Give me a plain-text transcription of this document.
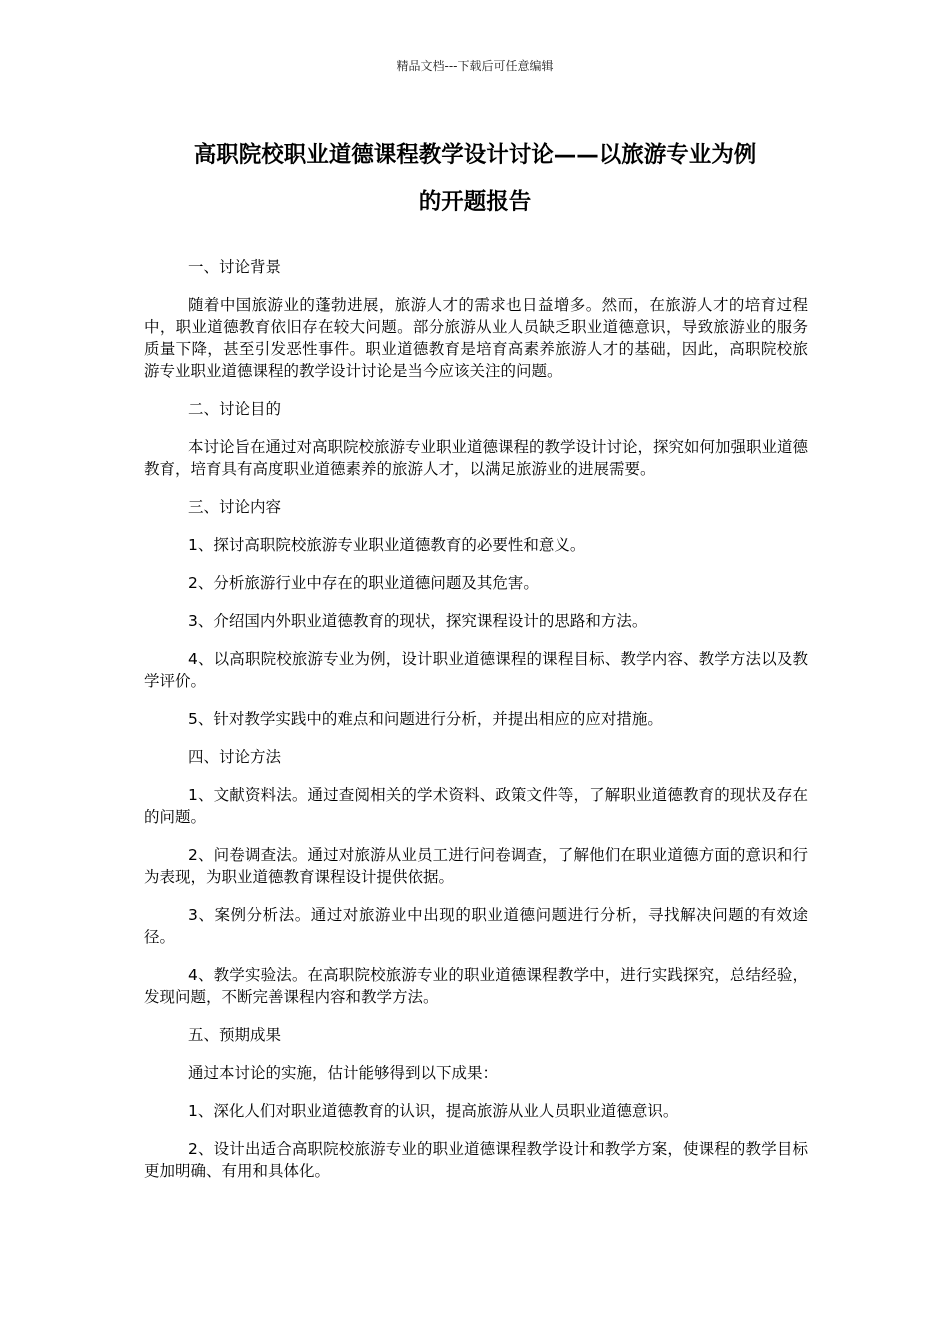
精品文档---下载后可任意编辑
高职院校职业道德课程教学设计讨论——以旅游专业为例
的开题报告

一、讨论背景

随着中国旅游业的蓬勃进展，旅游人才的需求也日益增多。然而，在旅游人才的培育过程中，职业道德教育依旧存在较大问题。部分旅游从业人员缺乏职业道德意识，导致旅游业的服务质量下降，甚至引发恶性事件。职业道德教育是培育高素养旅游人才的基础，因此，高职院校旅游专业职业道德课程的教学设计讨论是当今应该关注的问题。

二、讨论目的

本讨论旨在通过对高职院校旅游专业职业道德课程的教学设计讨论，探究如何加强职业道德教育，培育具有高度职业道德素养的旅游人才，以满足旅游业的进展需要。

三、讨论内容

1、探讨高职院校旅游专业职业道德教育的必要性和意义。

2、分析旅游行业中存在的职业道德问题及其危害。

3、介绍国内外职业道德教育的现状，探究课程设计的思路和方法。

4、以高职院校旅游专业为例，设计职业道德课程的课程目标、教学内容、教学方法以及教学评价。

5、针对教学实践中的难点和问题进行分析，并提出相应的应对措施。

四、讨论方法

1、文献资料法。通过查阅相关的学术资料、政策文件等，了解职业道德教育的现状及存在的问题。

2、问卷调查法。通过对旅游从业员工进行问卷调查，了解他们在职业道德方面的意识和行为表现，为职业道德教育课程设计提供依据。

3、案例分析法。通过对旅游业中出现的职业道德问题进行分析，寻找解决问题的有效途径。

4、教学实验法。在高职院校旅游专业的职业道德课程教学中，进行实践探究，总结经验，发现问题，不断完善课程内容和教学方法。

五、预期成果

通过本讨论的实施，估计能够得到以下成果：

1、深化人们对职业道德教育的认识，提高旅游从业人员职业道德意识。

2、设计出适合高职院校旅游专业的职业道德课程教学设计和教学方案，使课程的教学目标更加明确、有用和具体化。
